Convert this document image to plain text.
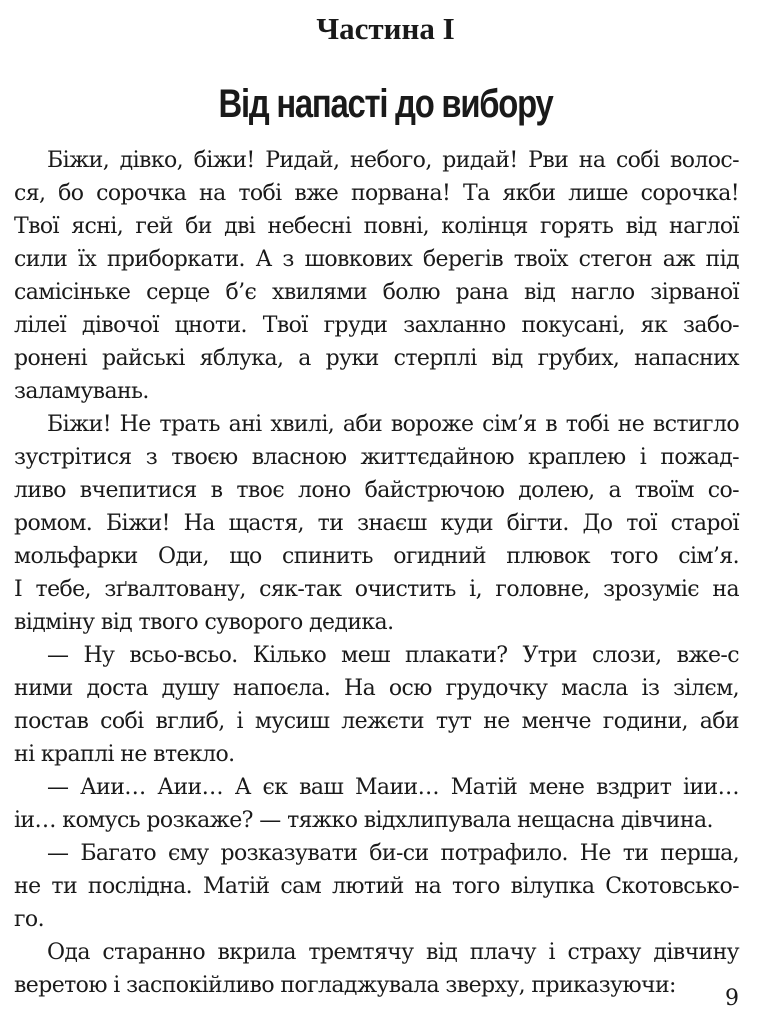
Частина І
Від напасті до вибору

Біжи, дівко, біжи! Ридай, небого, ридай! Рви на собі волос-
ся, бо сорочка на тобі вже порвана! Та якби лише сорочка!
Твої ясні, гей би дві небесні повні, колінця горять від наглої
сили їх приборкати. А з шовкових берегів твоїх стегон аж під
самісіньке серце б’є хвилями болю рана від нагло зірваної
лілеї дівочої цноти. Твої груди захланно покусані, як забо-
ронені райські яблука, а руки стерплі від грубих, напасних
заламувань.

Біжи! Не трать ані хвилі, аби вороже сім’я в тобі не встигло
зустрітися з твоєю власною життєдайною краплею і пожад-
ливо вчепитися в твоє лоно байстрючою долею, а твоїм со-
ромом. Біжи! На щастя, ти знаєш куди бігти. До тої старої
мольфарки Оди, що спинить огидний плювок того сім’я.
І тебе, зґвалтовану, сяк-так очистить і, головне, зрозуміє на
відміну від твого суворого дедика.

— Ну всьо-всьо. Кілько меш плакати? Утри слози, вже-с
ними доста душу напоєла. На осю грудочку масла із зілєм,
постав собі вглиб, і мусиш лежєти тут не менче години, аби
ні краплі не втекло.

— Аии… Аии… А єк ваш Маии… Матій мене вздрит іии…
іи… комусь розкаже? — тяжко відхлипувала нещасна дівчина.

— Багато єму розказувати би-си потрафило. Не ти перша,
не ти послідна. Матій сам лютий на того вілупка Скотовсько-
го.

Ода старанно вкрила тремтячу від плачу і страху дівчину
веретою і заспокійливо погладжувала зверху, приказуючи:

9
